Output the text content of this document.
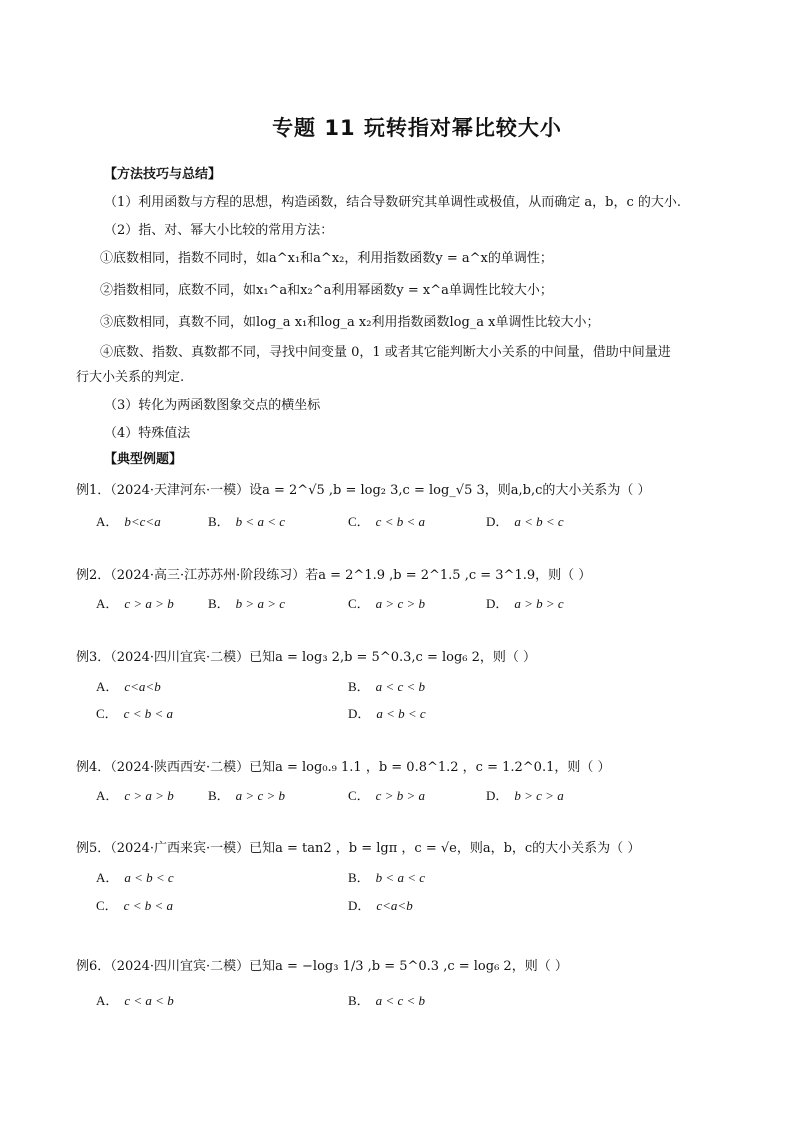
专题 11 玩转指对幂比较大小
【方法技巧与总结】
（1）利用函数与方程的思想，构造函数，结合导数研究其单调性或极值，从而确定 a，b，c 的大小.
（2）指、对、幂大小比较的常用方法：
①底数相同，指数不同时，如a^x₁和a^x₂，利用指数函数y = a^x的单调性；
②指数相同，底数不同，如x₁^a和x₂^a利用幂函数y = x^a单调性比较大小；
③底数相同，真数不同，如log_a x₁和log_a x₂利用指数函数log_a x单调性比较大小；
④底数、指数、真数都不同，寻找中间变量 0，1 或者其它能判断大小关系的中间量，借助中间量进
行大小关系的判定.
（3）转化为两函数图象交点的横坐标
（4）特殊值法
【典型例题】
例1．（2024·天津河东·一模）设a = 2^√5 ,b = log₂ 3,c = log_√5 3，则a,b,c的大小关系为（ ）
A． b<c<a	B． b < a < c	C． c < b < a	D． a < b < c
例2．（2024·高三·江苏苏州·阶段练习）若a = 2^1.9 ,b = 2^1.5 ,c = 3^1.9，则（ ）
A． c > a > b	B． b > a > c	C． a > c > b	D． a > b > c
例3．（2024·四川宜宾·二模）已知a = log₃ 2,b = 5^0.3,c = log₆ 2，则（ ）
A． c<a<b	B． a < c < b
C． c < b < a	D． a < b < c
例4．（2024·陕西西安·二模）已知a = log₀.₉ 1.1 ，b = 0.8^1.2 ，c = 1.2^0.1，则（ ）
A． c > a > b	B． a > c > b	C． c > b > a	D． b > c > a
例5．（2024·广西来宾·一模）已知a = tan2 ，b = lgπ ，c = √e，则a，b，c的大小关系为（ ）
A． a < b < c	B． b < a < c
C． c < b < a	D． c<a<b
例6．（2024·四川宜宾·二模）已知a = −log₃ 1/3 ,b = 5^0.3 ,c = log₆ 2，则（ ）
A． c < a < b	B． a < c < b
